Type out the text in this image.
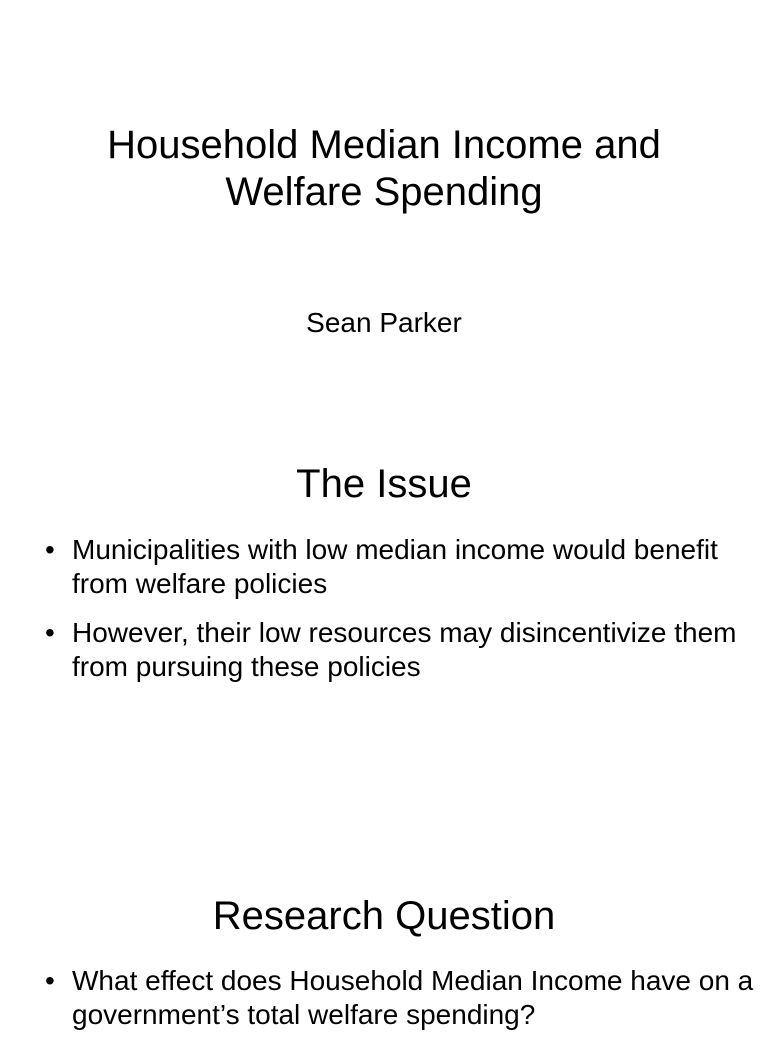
Household Median Income and
Welfare Spending

Sean Parker

The Issue
• Municipalities with low median income would benefit from welfare policies
• However, their low resources may disincentivize them from pursuing these policies
Research Question
• What effect does Household Median Income have on a government’s total welfare spending?
